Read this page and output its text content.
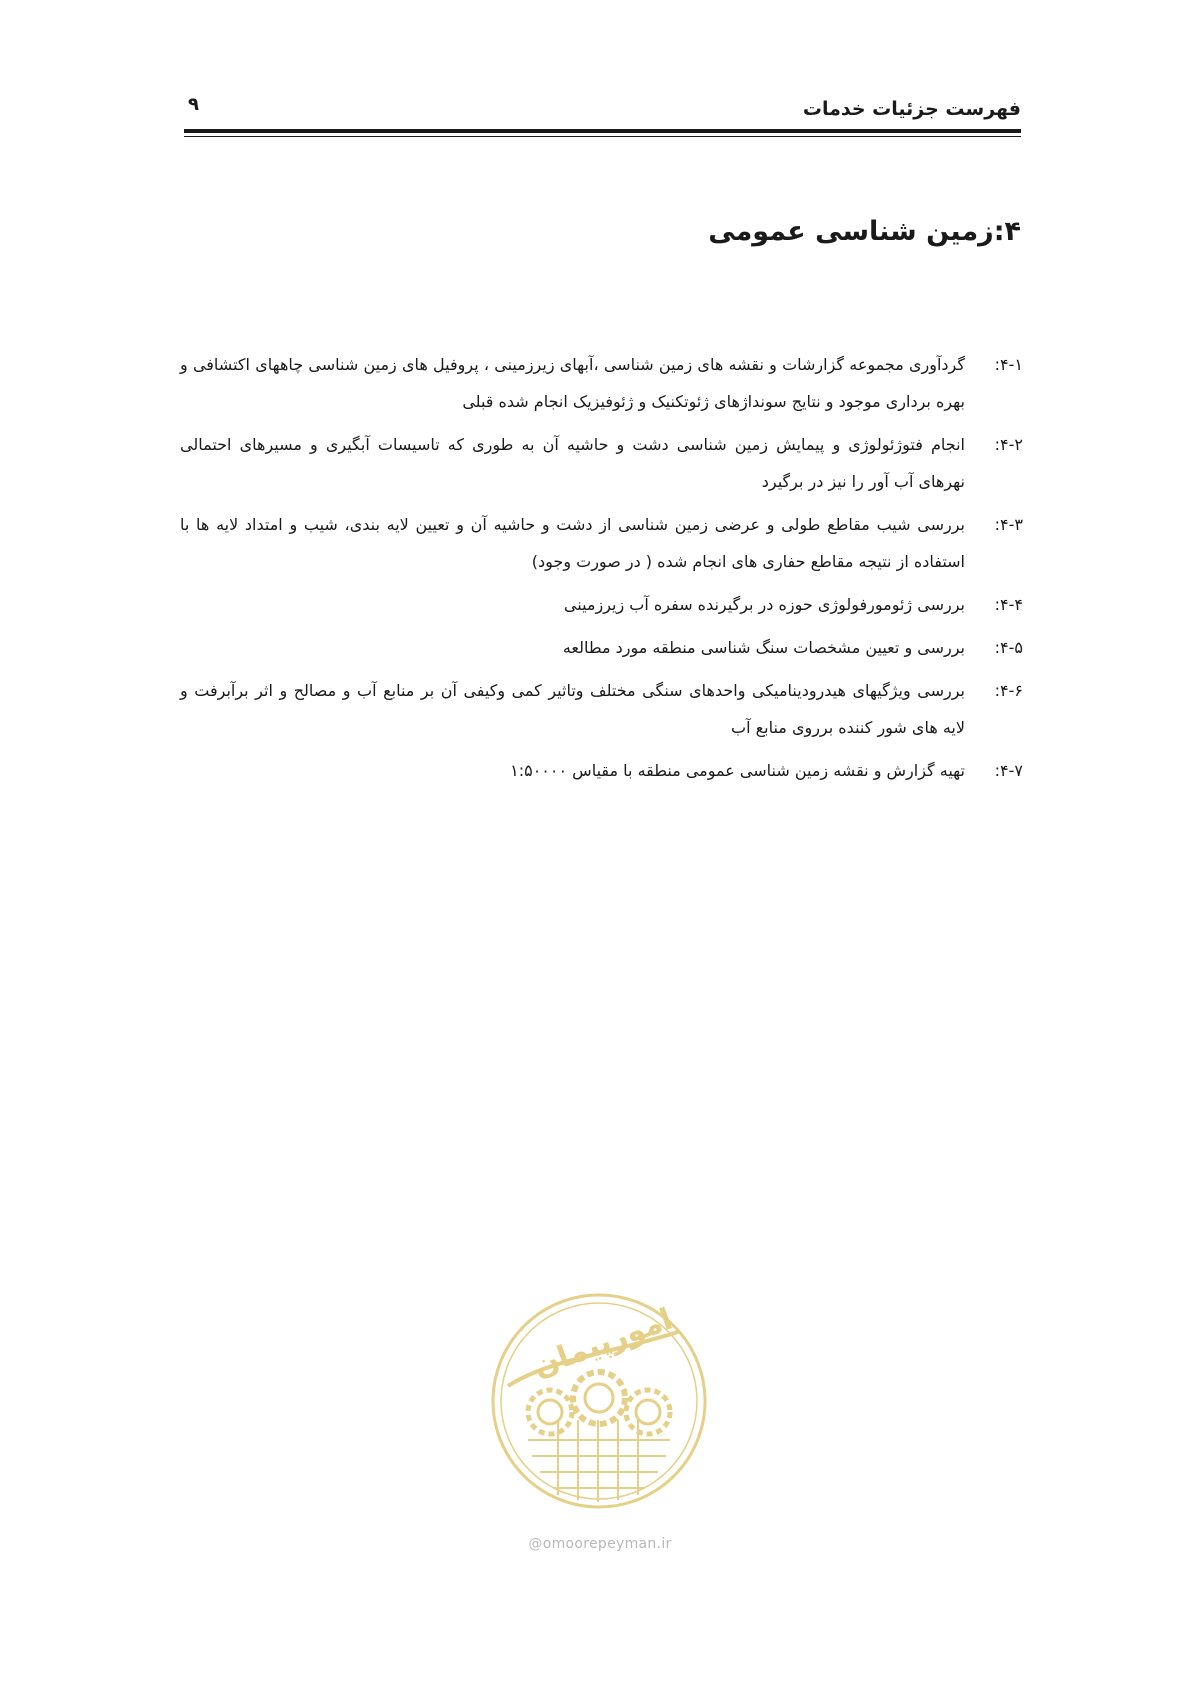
۹	فهرست جزئیات خدمات
۴:زمین شناسی عمومی
۴-۱:
گردآوری مجموعه گزارشات و نقشه های زمین شناسی ،آبهای زیرزمینی ، پروفیل های زمین شناسی چاههای اکتشافی و بهره برداری موجود و نتایج سونداژهای ژئوتکنیک و ژئوفیزیک انجام شده قبلی
۴-۲:
انجام فتوژئولوژی و پیمایش زمین شناسی دشت و حاشیه آن به طوری که تاسیسات آبگیری و مسیرهای احتمالی نهرهای آب آور را نیز در برگیرد
۴-۳:
بررسی شیب مقاطع طولی و عرضی زمین شناسی از دشت و حاشیه آن و تعیین لایه بندی، شیب و امتداد لایه ها با استفاده از نتیجه مقاطع حفاری های انجام شده ( در صورت وجود)
۴-۴:
بررسی ژئومورفولوژی حوزه در برگیرنده سفره آب زیرزمینی
۴-۵:
بررسی و تعیین مشخصات سنگ شناسی منطقه مورد مطالعه
۴-۶:
بررسی ویژگیهای هیدرودینامیکی واحدهای سنگی مختلف وتاثیر کمی وکیفی آن بر منابع آب و مصالح و اثر برآبرفت و لایه های شور کننده برروی منابع آب
۴-۷:
تهیه گزارش و نقشه زمین شناسی عمومی منطقه با مقیاس ۱:۵۰۰۰۰
امورپیمان
@omoorepeyman.ir
